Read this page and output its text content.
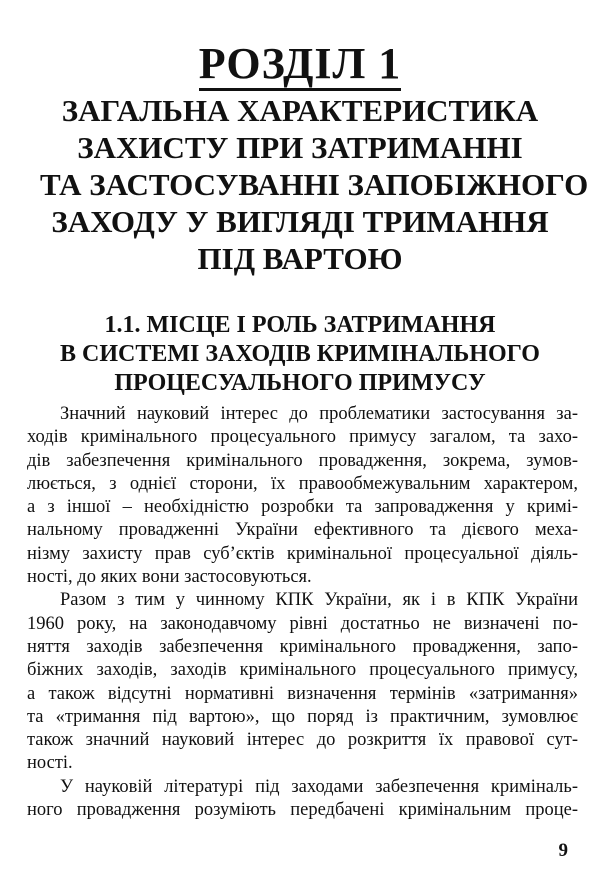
РОЗДІЛ 1
ЗАГАЛЬНА ХАРАКТЕРИСТИКА
ЗАХИСТУ ПРИ ЗАТРИМАННІ
ТА ЗАСТОСУВАННІ ЗАПОБІЖНОГО
ЗАХОДУ У ВИГЛЯДІ ТРИМАННЯ
ПІД ВАРТОЮ
1.1. МІСЦЕ І РОЛЬ ЗАТРИМАННЯ
В СИСТЕМІ ЗАХОДІВ КРИМІНАЛЬНОГО
ПРОЦЕСУАЛЬНОГО ПРИМУСУ
Значний науковий інтерес до проблематики застосування за-
ходів кримінального процесуального примусу загалом, та захо-
дів забезпечення кримінального провадження, зокрема, зумов-
люється, з однієї сторони, їх правообмежувальним характером,
а з іншої – необхідністю розробки та запровадження у кримі-
нальному провадженні України ефективного та дієвого меха-
нізму захисту прав суб’єктів кримінальної процесуальної діяль-
ності, до яких вони застосовуються.
Разом з тим у чинному КПК України, як і в КПК України
1960 року, на законодавчому рівні достатньо не визначені по-
няття заходів забезпечення кримінального провадження, запо-
біжних заходів, заходів кримінального процесуального примусу,
а також відсутні нормативні визначення термінів «затримання»
та «тримання під вартою», що поряд із практичним, зумовлює
також значний науковий інтерес до розкриття їх правової сут-
ності.
У науковій літературі під заходами забезпечення криміналь-
ного провадження розуміють передбачені кримінальним проце-
9
